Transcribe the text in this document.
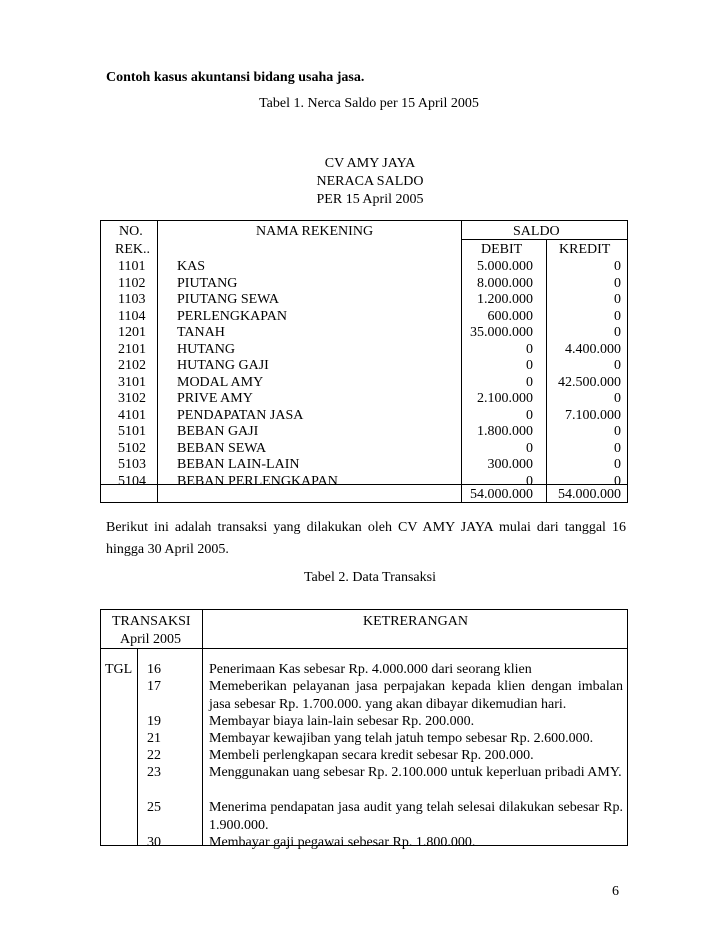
Contoh kasus akuntansi bidang usaha jasa.
Tabel 1. Nerca Saldo per 15 April 2005
CV AMY JAYA
NERACA SALDO
PER 15 April 2005
NO.
REK..
NAMA REKENING	SALDO
DEBIT	KREDIT
1101	KAS	5.000.000	0
1102	PIUTANG	8.000.000	0
1103	PIUTANG SEWA	1.200.000	0
1104	PERLENGKAPAN	600.000	0
1201	TANAH	35.000.000	0
2101	HUTANG	0 4.400.000
2102	HUTANG GAJI	0	0
3101	MODAL AMY	0 42.500.000
3102	PRIVE AMY	2.100.000	0
4101	PENDAPATAN JASA	0 7.100.000
5101	BEBAN GAJI	1.800.000	0
5102	BEBAN SEWA	0	0
5103	BEBAN LAIN-LAIN	300.000	0
5104	BEBAN PERLENGKAPAN	0	0
54.000.000 54.000.000
Berikut ini adalah transaksi yang dilakukan oleh CV AMY JAYA mulai dari tanggal 16 hingga 30 April 2005.
Tabel 2. Data Transaksi
TRANSAKSI
April 2005
KETRERANGAN
TGL 16	Penerimaan Kas sebesar Rp. 4.000.000 dari seorang klien
17	Memeberikan pelayanan jasa perpajakan kepada klien dengan imbalan jasa sebesar Rp. 1.700.000. yang akan dibayar dikemudian hari.
19	Membayar biaya lain-lain sebesar Rp. 200.000.
21	Membayar kewajiban yang telah jatuh tempo sebesar Rp. 2.600.000.
22	Membeli perlengkapan secara kredit sebesar Rp. 200.000.
23	Menggunakan uang sebesar Rp. 2.100.000 untuk keperluan pribadi AMY.
25	Menerima pendapatan jasa audit yang telah selesai dilakukan sebesar Rp. 1.900.000.
30	Membayar gaji pegawai sebesar Rp. 1.800.000.
6
